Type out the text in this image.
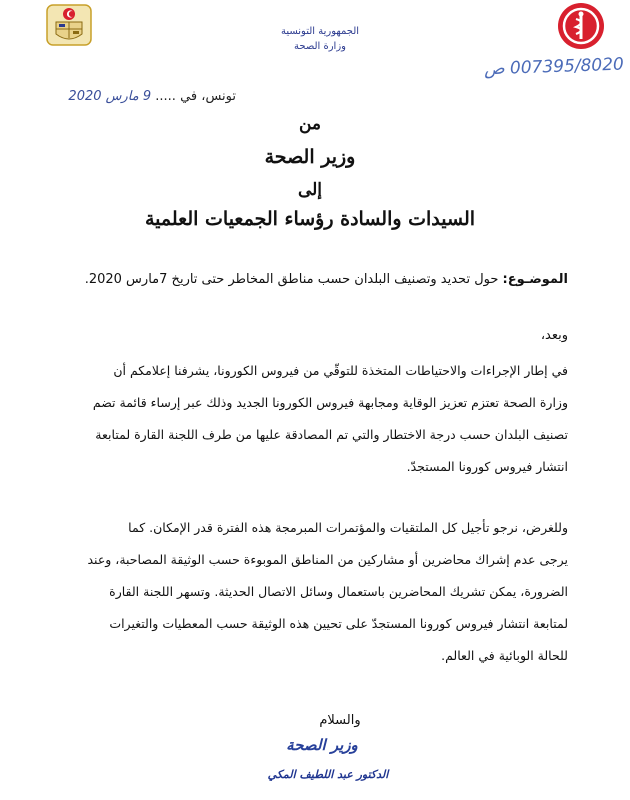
الجمهورية التونسية
وزارة الصحة
007395/8020 ص
تونس، في ..... 9 مارس 2020
من
وزير الصحة
إلى
السيدات والسادة رؤساء الجمعيات العلمية
الموضـوع: حول تحديد وتصنيف البلدان حسب مناطق المخاطر حتى تاريخ 7مارس 2020.
وبعد،
في إطار الإجراءات والاحتياطات المتخذة للتوقّي من فيروس الكورونا، يشرفنا إعلامكم أن
وزارة الصحة تعتزم تعزيز الوقاية ومجابهة فيروس الكورونا الجديد وذلك عبر إرساء قائمة تضم
تصنيف البلدان حسب درجة الاختطار والتي تم المصادقة عليها من طرف اللجنة القارة لمتابعة
انتشار فيروس كورونا المستجدّ.
وللغرض، نرجو تأجيل كل الملتقيات والمؤتمرات المبرمجة هذه الفترة قدر الإمكان. كما
يرجى عدم إشراك محاضرين أو مشاركين من المناطق الموبوءة حسب الوثيقة المصاحبة، وعند
الضرورة، يمكن تشريك المحاضرين باستعمال وسائل الاتصال الحديثة. وتسهر اللجنة القارة
لمتابعة انتشار فيروس كورونا المستجدّ على تحيين هذه الوثيقة حسب المعطيات والتغيرات
للحالة الوبائية في العالم.
والسلام
وزير الصحة
الدكتور عبد اللطيف المكي
